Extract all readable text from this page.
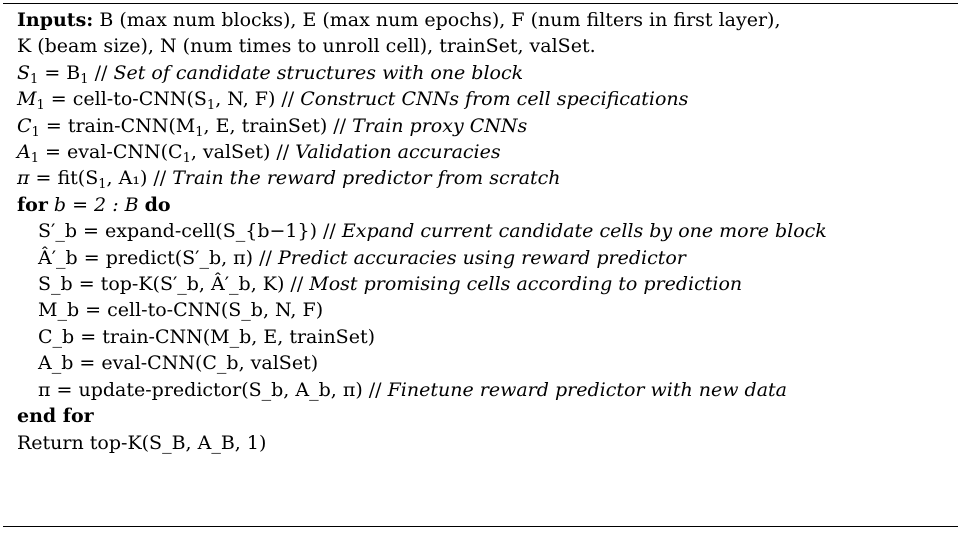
Inputs: B (max num blocks), E (max num epochs), F (num filters in first layer),
K (beam size), N (num times to unroll cell), trainSet, valSet.
$S_1 = B_1$ // Set of candidate structures with one block
$M_1$ = cell-$to-CNN(S_1$, N, F) // Construct CNNs from cell specifications
$C_1$ = train-$CNN(M_1$, E, trainSet) // Train proxy CNNs
$A_1$ = eval-$CNN(C_1$, valSet) // Validation accuracies
$\pi = fit(S_1$, A₁) // Train the reward predictor from scratch
for b = 2 : B do
S′_b = expand-cell(S_{b−1}) // Expand current candidate cells by one more block
Â′_b = predict(S′_b, π) // Predict accuracies using reward predictor
S_b = top-K(S′_b, Â′_b, K) // Most promising cells according to prediction
M_b = cell-to-CNN(S_b, N, F)
C_b = train-CNN(M_b, E, trainSet)
A_b = eval-CNN(C_b, valSet)
π = update-predictor(S_b, A_b, π) // Finetune reward predictor with new data
end for
Return top-K(S_B, A_B, 1)
